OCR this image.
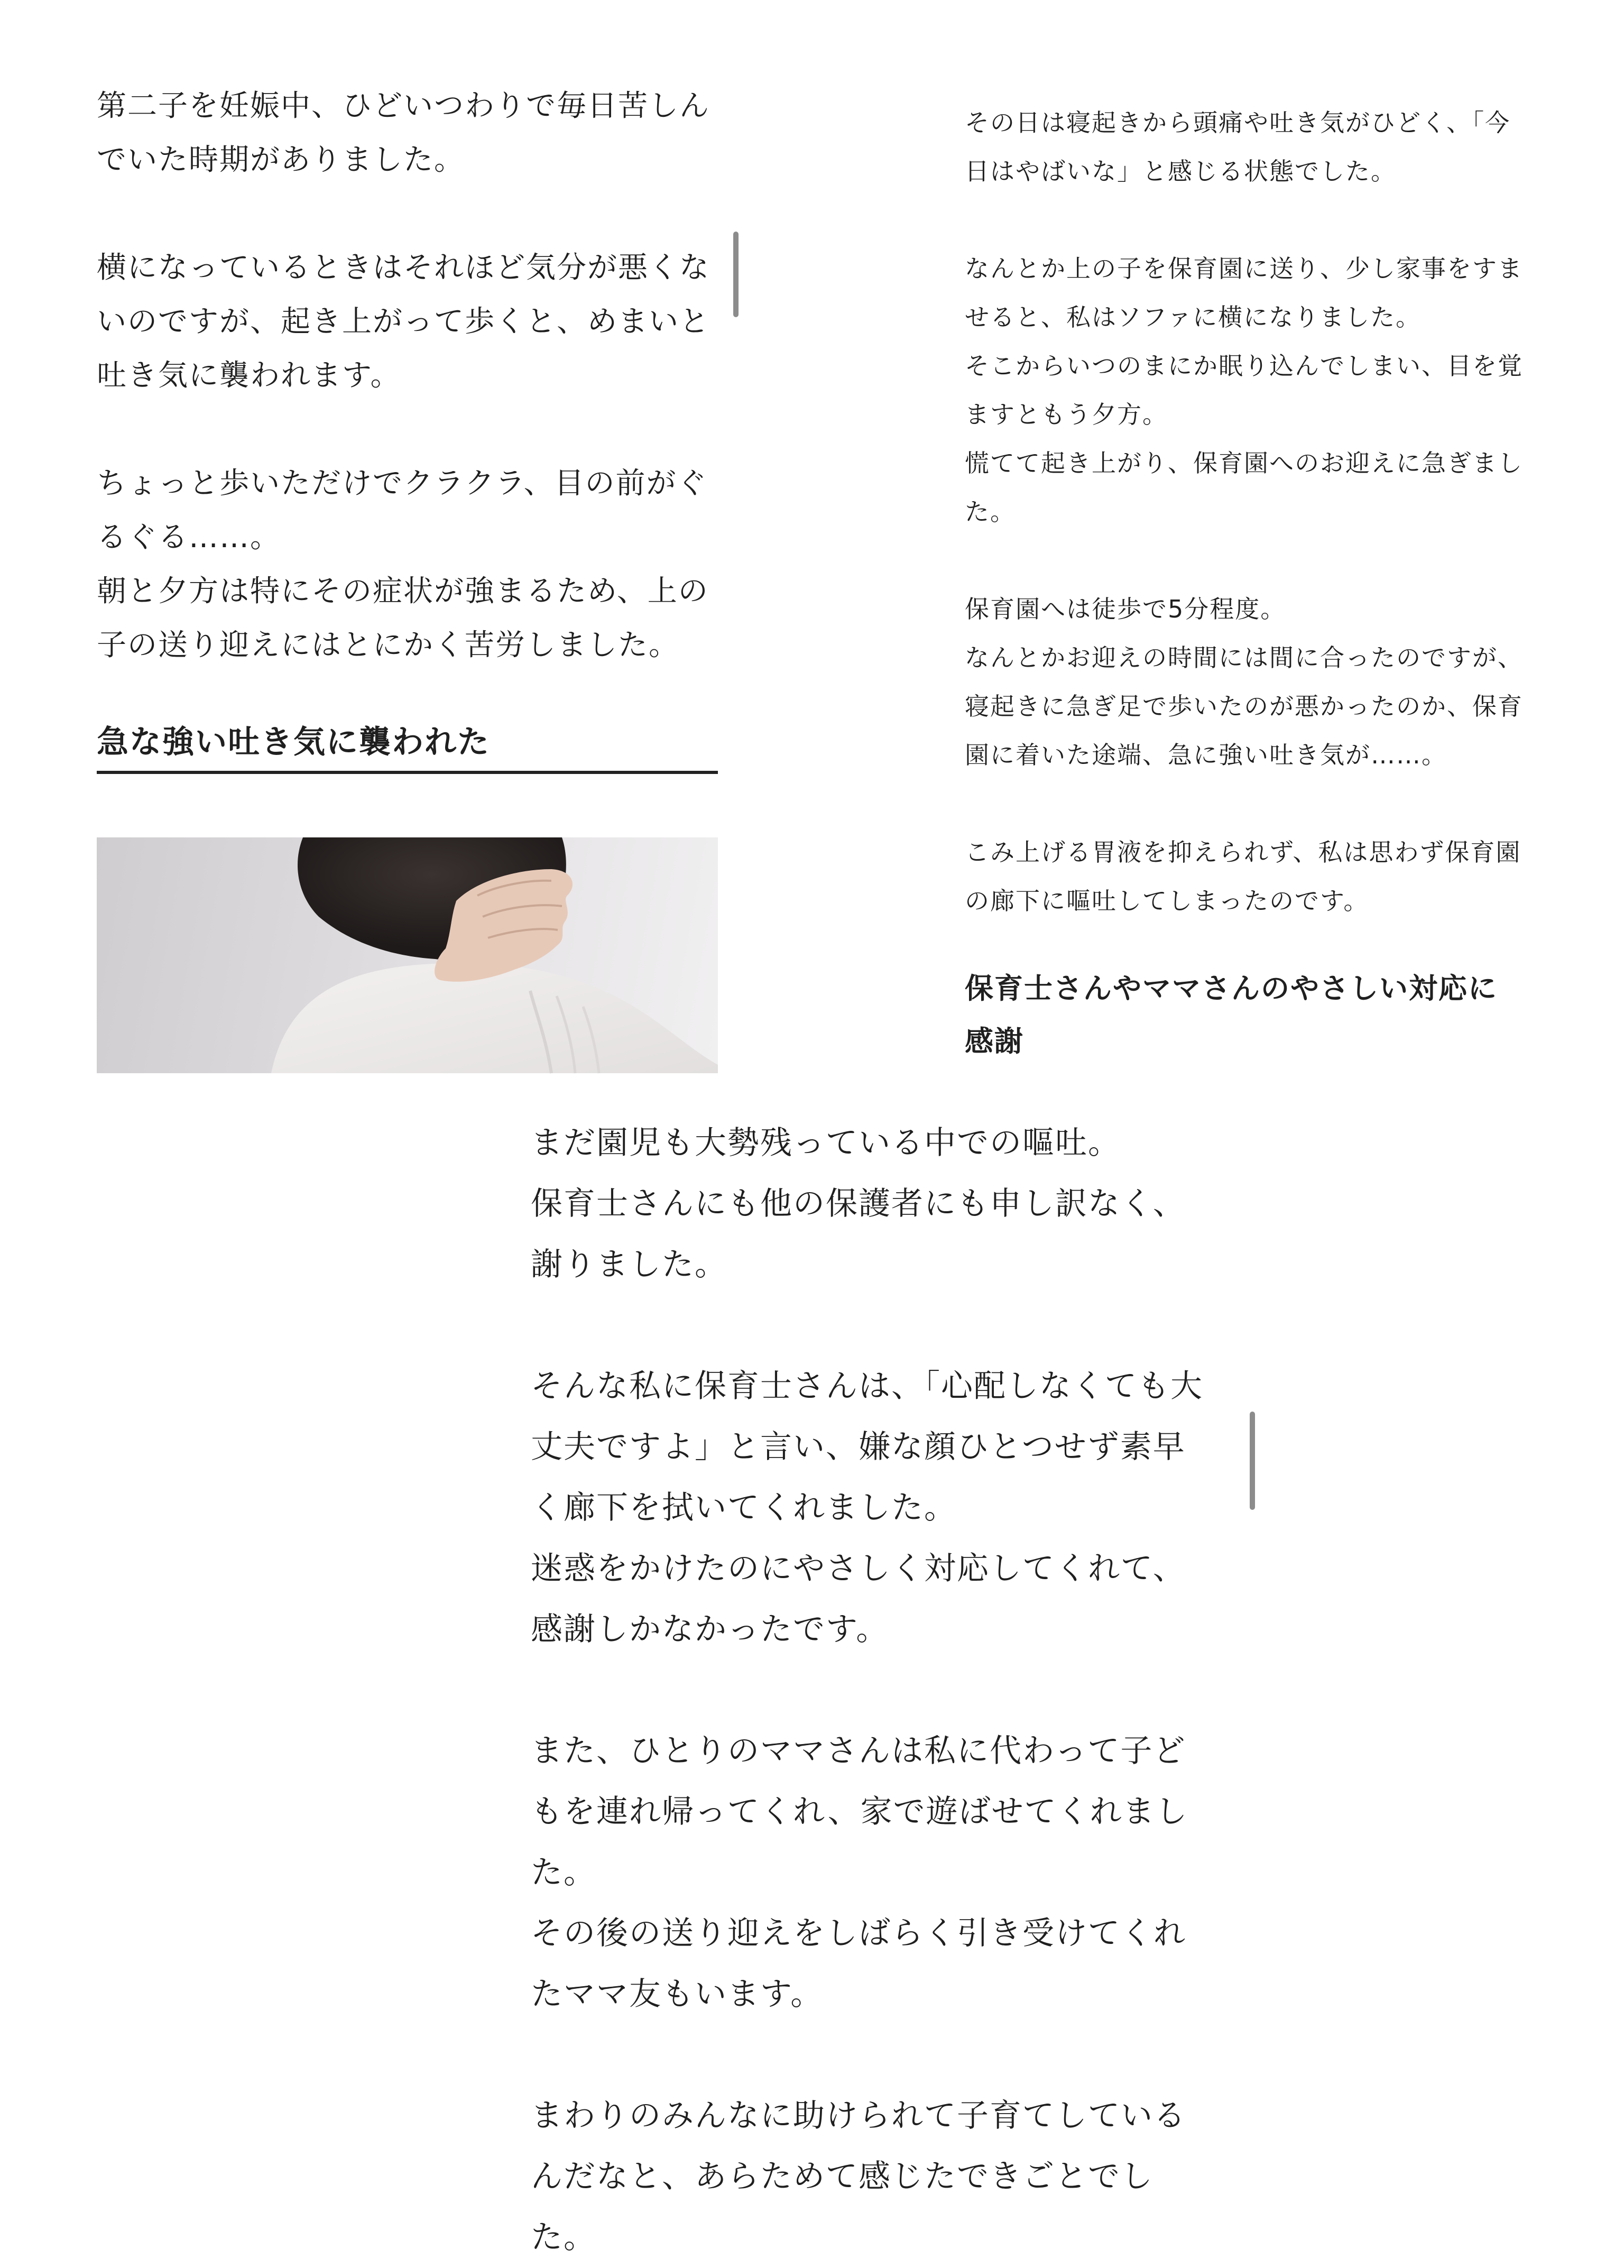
第二子を妊娠中、ひどいつわりで毎日苦しんでいた時期がありました。

横になっているときはそれほど気分が悪くないのですが、起き上がって歩くと、めまいと吐き気に襲われます。

ちょっと歩いただけでクラクラ、目の前がぐるぐる……。

朝と夕方は特にその症状が強まるため、上の子の送り迎えにはとにかく苦労しました。

急な強い吐き気に襲われた

その日は寝起きから頭痛や吐き気がひどく、「今日はやばいな」と感じる状態でした。

なんとか上の子を保育園に送り、少し家事をすませると、私はソファに横になりました。

そこからいつのまにか眠り込んでしまい、目を覚ますともう夕方。

慌てて起き上がり、保育園へのお迎えに急ぎました。

保育園へは徒歩で5分程度。

なんとかお迎えの時間には間に合ったのですが、寝起きに急ぎ足で歩いたのが悪かったのか、保育園に着いた途端、急に強い吐き気が……。

こみ上げる胃液を抑えられず、私は思わず保育園の廊下に嘔吐してしまったのです。

保育士さんやママさんのやさしい対応に感謝

まだ園児も大勢残っている中での嘔吐。

保育士さんにも他の保護者にも申し訳なく、謝りました。

そんな私に保育士さんは、「心配しなくても大丈夫ですよ」と言い、嫌な顔ひとつせず素早く廊下を拭いてくれました。

迷惑をかけたのにやさしく対応してくれて、感謝しかなかったです。

また、ひとりのママさんは私に代わって子どもを連れ帰ってくれ、家で遊ばせてくれました。

その後の送り迎えをしばらく引き受けてくれたママ友もいます。

まわりのみんなに助けられて子育てしているんだなと、あらためて感じたできごとでした。
